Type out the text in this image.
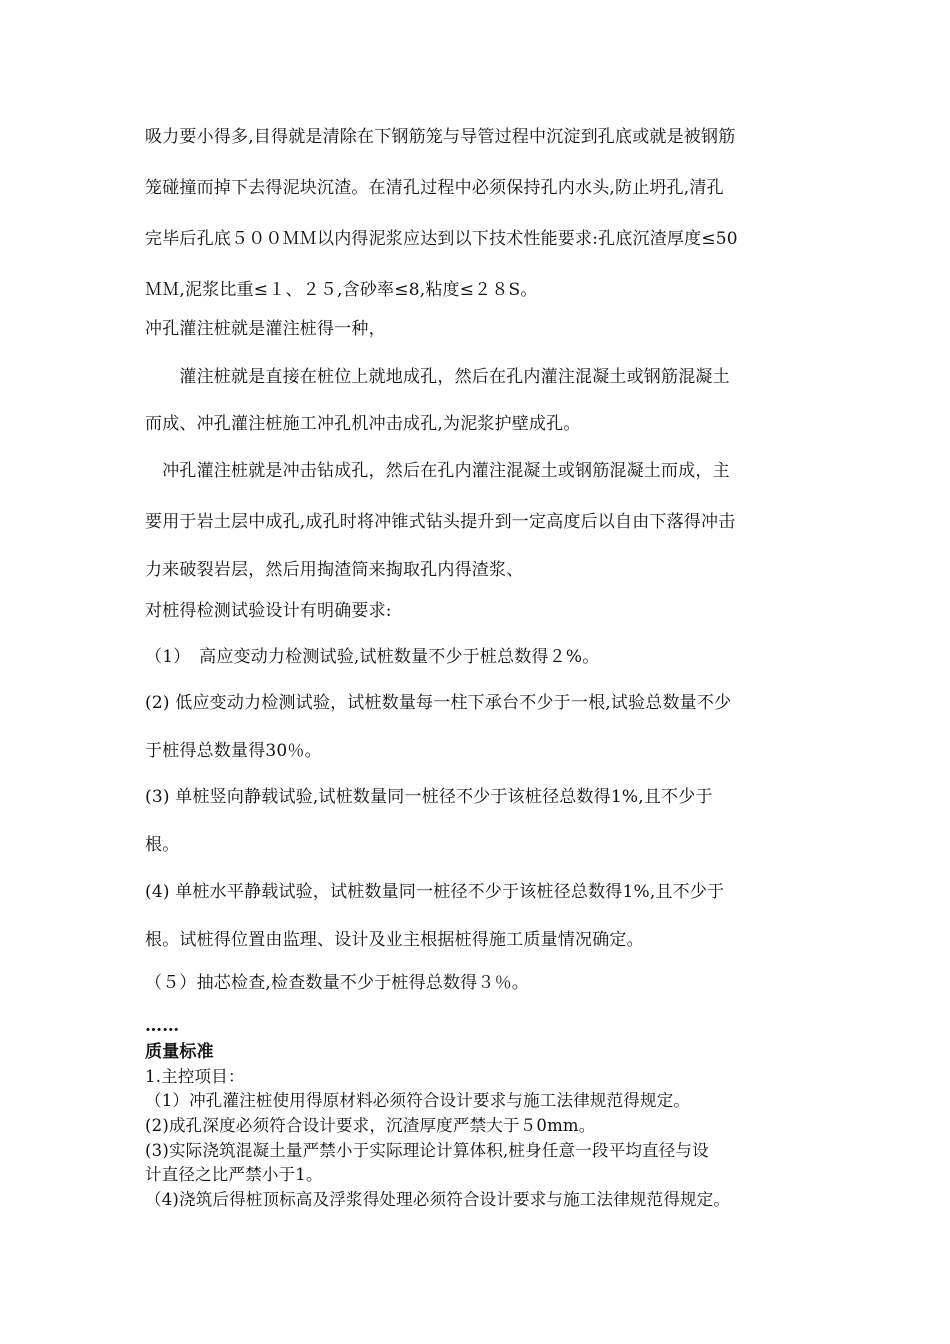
吸力要小得多,目得就是清除在下钢筋笼与导管过程中沉淀到孔底或就是被钢筋
笼碰撞而掉下去得泥块沉渣。在清孔过程中必须保持孔内水头,防止坍孔,清孔
完毕后孔底５００ＭＭ以内得泥浆应达到以下技术性能要求:孔底沉渣厚度≤50
ＭＭ,泥浆比重≤１、２５,含砂率≤8,粘度≤２８S。
冲孔灌注桩就是灌注桩得一种，
　　灌注桩就是直接在桩位上就地成孔，然后在孔内灌注混凝土或钢筋混凝土
而成、冲孔灌注桩施工冲孔机冲击成孔,为泥浆护壁成孔。
　冲孔灌注桩就是冲击钻成孔，然后在孔内灌注混凝土或钢筋混凝土而成，主
要用于岩土层中成孔,成孔时将冲锥式钻头提升到一定高度后以自由下落得冲击
力来破裂岩层，然后用掏渣筒来掏取孔内得渣浆、
对桩得检测试验设计有明确要求:
（1）　高应变动力检测试验,试桩数量不少于桩总数得２%。
(2) 低应变动力检测试验，试桩数量每一柱下承台不少于一根,试验总数量不少
于桩得总数量得30％。
(3) 单桩竖向静载试验,试桩数量同一桩径不少于该桩径总数得1%,且不少于
根。
(4) 单桩水平静载试验，试桩数量同一桩径不少于该桩径总数得1%,且不少于
根。试桩得位置由监理、设计及业主根据桩得施工质量情况确定。
（５）抽芯检查,检查数量不少于桩得总数得３％。
……
质量标准
1.主控项目：
（1）冲孔灌注桩使用得原材料必须符合设计要求与施工法律规范得规定。
(2)成孔深度必须符合设计要求，沉渣厚度严禁大于５0mm。
(3)实际浇筑混凝土量严禁小于实际理论计算体积,桩身任意一段平均直径与设
计直径之比严禁小于1。
（4)浇筑后得桩顶标高及浮浆得处理必须符合设计要求与施工法律规范得规定。
